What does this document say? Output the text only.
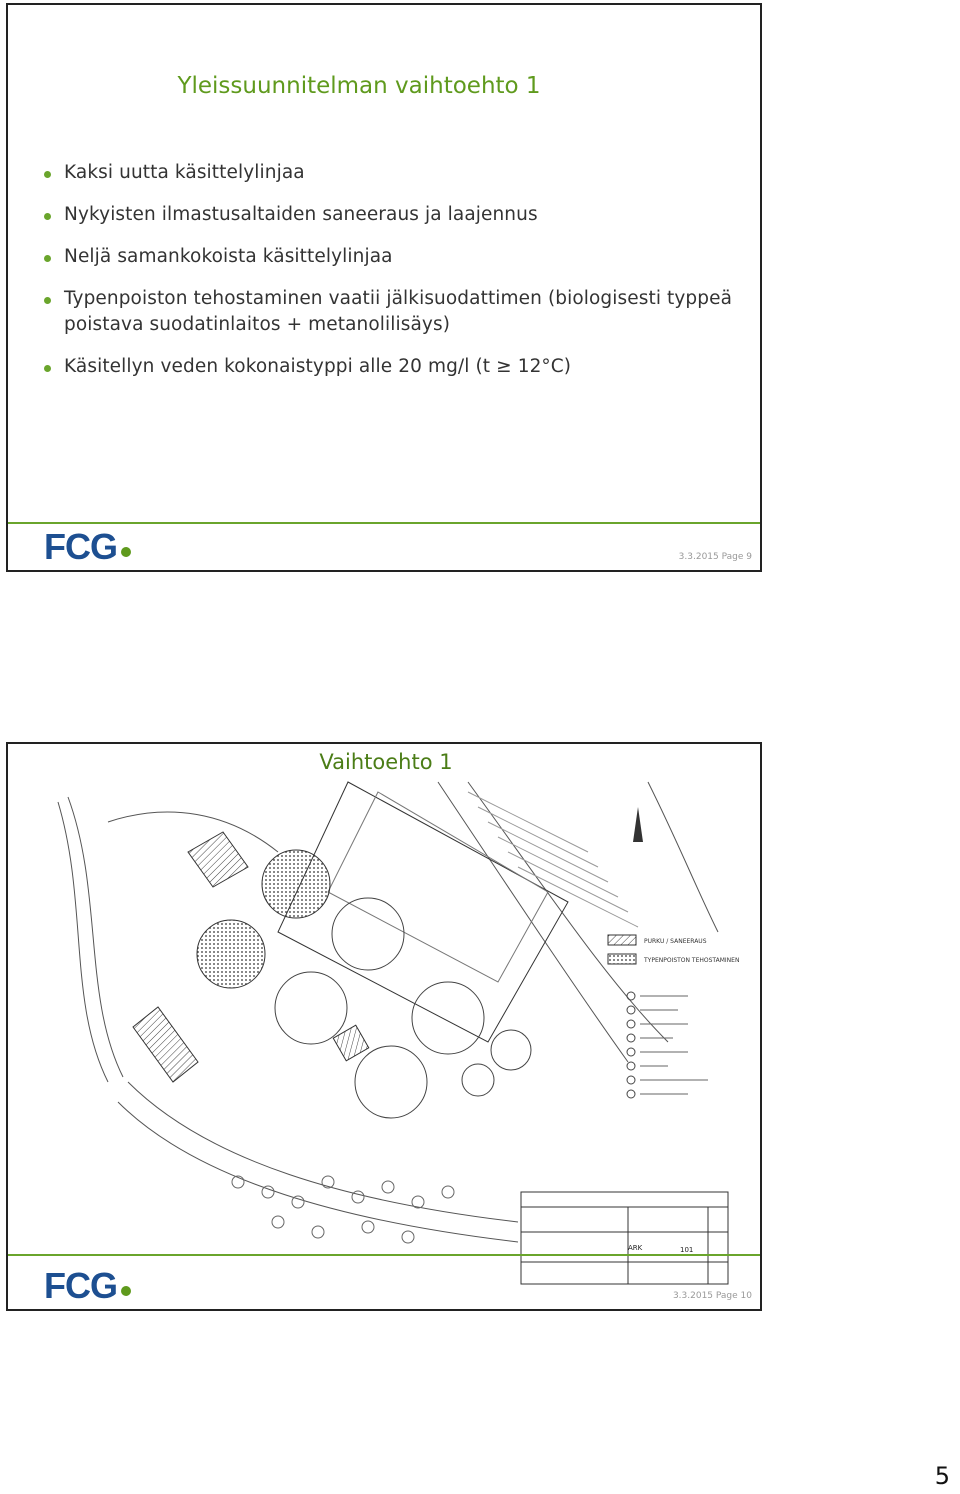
Yleissuunnitelman vaihtoehto 1
Kaksi uutta käsittelylinjaa
Nykyisten ilmastusaltaiden saneeraus ja laajennus
Neljä samankokoista käsittelylinjaa
Typenpoiston tehostaminen vaatii jälkisuodattimen (biologisesti typpeä poistava suodatinlaitos + metanolilisäys)
Käsitellyn veden kokonaistyppi alle 20 mg/l (t ≥ 12°C)
FCG	3.3.2015 Page 9
Vaihtoehto 1
PURKU / SANEERAUS
TYPENPOISTON TEHOSTAMINEN
ARK	101
FCG	3.3.2015 Page 10
5
